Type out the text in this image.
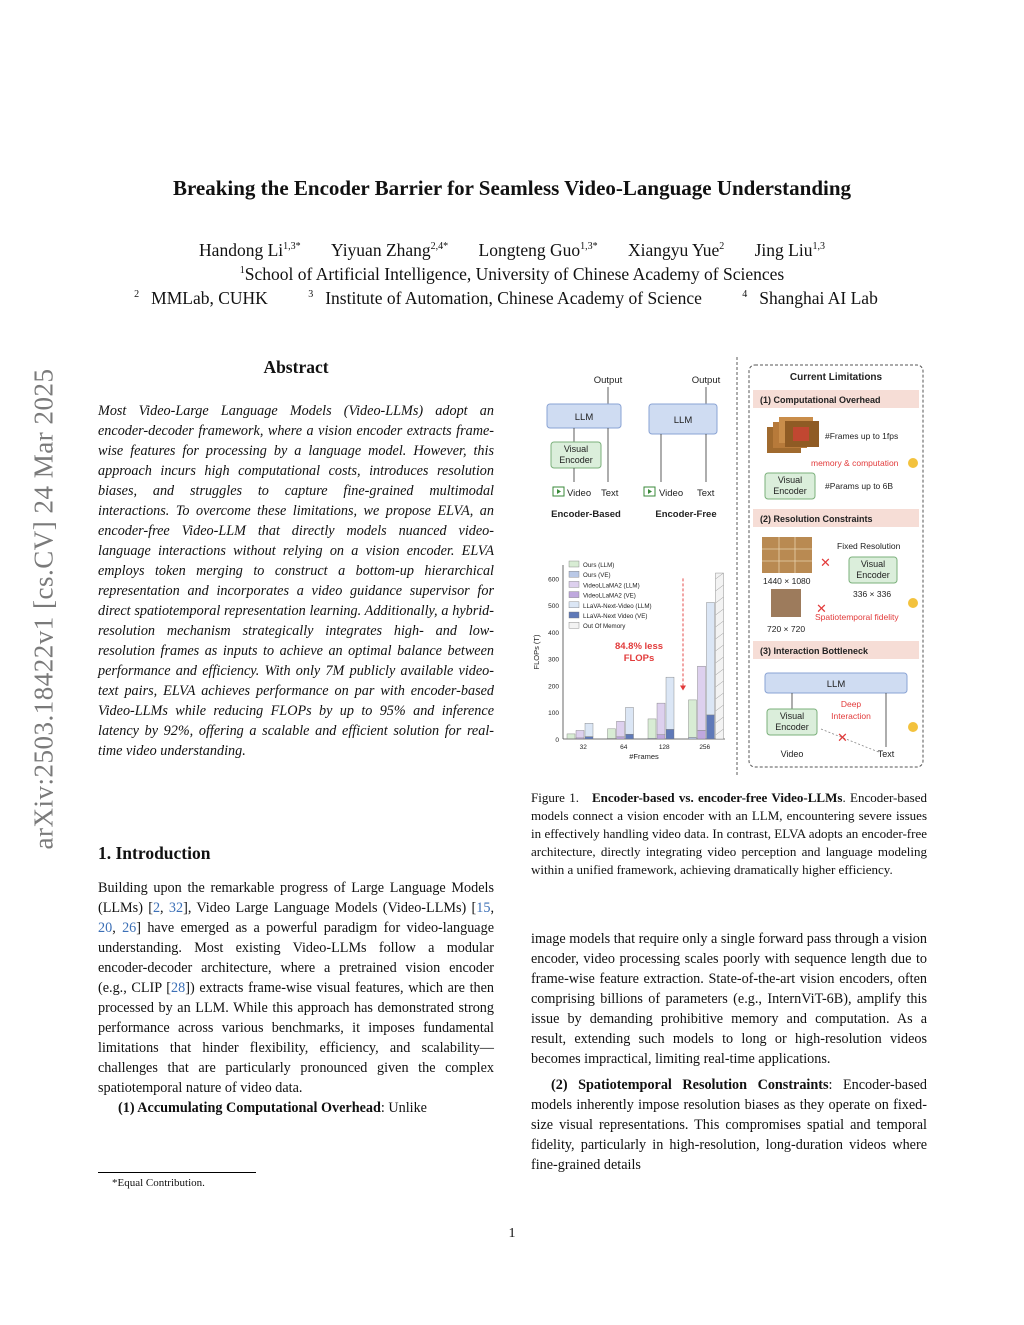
arXiv:2503.18422v1 [cs.CV] 24 Mar 2025
Breaking the Encoder Barrier for Seamless Video-Language Understanding
Handong $Li^{1,3*}$ Yiyuan Zhang$^{2,4*}$ Longteng Guo$^{1,3*}$ Xiangyu Yue$^2$ Jing Liu$^{1,3}$
$^1$School of Artificial Intelligence, University of Chinese Academy of Sciences
$^2$ MMLab, CUHK	$^3$ Institute of Automation, Chinese Academy of Science	$^4$ Shanghai AI Lab
Abstract
Most Video-Large Language Models (Video-LLMs) adopt an encoder-decoder framework, where a vision encoder extracts frame-wise features for processing by a language model. However, this approach incurs high computational costs, introduces resolution biases, and struggles to capture fine-grained multimodal interactions. To overcome these limitations, we propose ELVA, an encoder-free Video-LLM that directly models nuanced video-language interactions without relying on a vision encoder. ELVA employs token merging to construct a bottom-up hierarchical representation and incorporates a video guidance supervisor for direct spatiotemporal representation learning. Additionally, a hybrid-resolution mechanism strategically integrates high- and low-resolution frames as inputs to achieve an optimal balance between performance and efficiency. With only 7M publicly available video-text pairs, ELVA achieves performance on par with encoder-based Video-LLMs while reducing FLOPs by up to 95% and inference latency by 92%, offering a scalable and efficient solution for real-time video understanding.
1. Introduction

Building upon the remarkable progress of Large Language Models (LLMs) [2, 32], Video Large Language Models (Video-LLMs) [15, 20, 26] have emerged as a powerful paradigm for video-language understanding. Most existing Video-LLMs follow a modular encoder-decoder architecture, where a pretrained vision encoder (e.g., CLIP [28]) extracts frame-wise visual features, which are then processed by an LLM. While this approach has demonstrated strong performance across various benchmarks, it imposes fundamental limitations that hinder flexibility, efficiency, and scalability—challenges that are particularly pronounced given the complex spatiotemporal nature of video data.

(1) Accumulating Computational Overhead: Unlike

*Equal Contribution.
Output
LLM
Visual
Encoder
Video Text
Encoder-Based
Output
LLM
Video Text
Encoder-Free
Current Limitations
(1) Computational Overhead
#Frames up to 1fps
memory & computation
Visual
Encoder #Params up to 6B
(2) Resolution Constraints
Fixed Resolution
✕	Visual
Encoder
1440 × 1080
336 × 336
✕
Spatiotemporal fidelity
720 × 720
(3) Interaction Bottleneck
LLM
Visual
Encoder
Deep
Interaction
✕
Video	Text
0
100
200
300
400
500
600
FLOPs (T)
#Frames
32	64	128	256
Ours (LLM)
Ours (VE)
VideoLLaMA2 (LLM)
VideoLLaMA2 (VE)
LLaVA-Next-Video (LLM)
LLaVA-Next Video (VE)
Out Of Memory
84.8% less
FLOPs
Figure 1. Encoder-based vs. encoder-free Video-LLMs. Encoder-based models connect a vision encoder with an LLM, encountering severe issues in effectively handling video data. In contrast, ELVA adopts an encoder-free architecture, directly integrating video perception and language modeling within a unified framework, achieving dramatically higher efficiency.

image models that require only a single forward pass through a vision encoder, video processing scales poorly with sequence length due to frame-wise feature extraction. State-of-the-art vision encoders, often comprising billions of parameters (e.g., InternViT-6B), amplify this issue by demanding prohibitive memory and computation. As a result, extending such models to long or high-resolution videos becomes impractical, limiting real-time applications.

(2) Spatiotemporal Resolution Constraints: Encoder-based models inherently impose resolution biases as they operate on fixed-size visual representations. This compromises spatial and temporal fidelity, particularly in high-resolution, long-duration videos where fine-grained details

1
